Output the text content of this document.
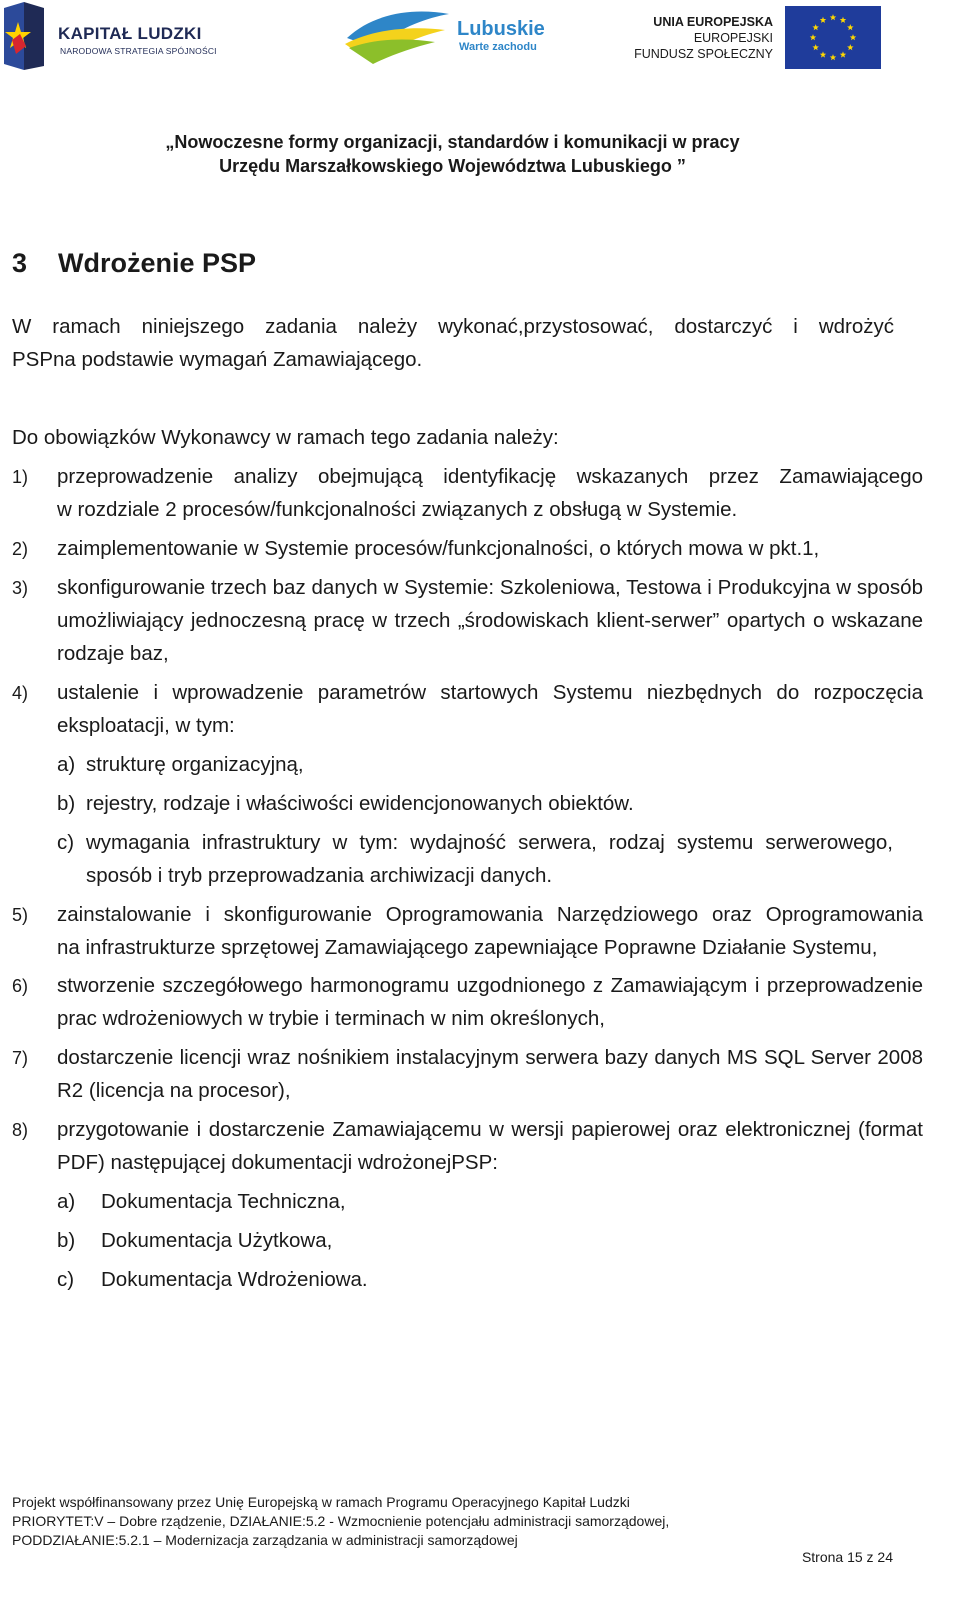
KAPITAŁ LUDZKI
NARODOWA STRATEGIA SPÓJNOŚCI
Lubuskie
Warte zachodu
UNIA EUROPEJSKA
EUROPEJSKI
FUNDUSZ SPOŁECZNY
„Nowoczesne formy organizacji, standardów i komunikacji w pracy
Urzędu Marszałkowskiego Województwa Lubuskiego ”
3 Wdrożenie PSP
W ramach niniejszego zadania należy wykonać,przystosować, dostarczyć i wdrożyć
PSPna podstawie wymagań Zamawiającego.
Do obowiązków Wykonawcy w ramach tego zadania należy:
1) przeprowadzenie analizy obejmującą identyfikację wskazanych przez Zamawiającego
w rozdziale 2 procesów/funkcjonalności związanych z obsługą w Systemie.
2) zaimplementowanie w Systemie procesów/funkcjonalności, o których mowa w pkt.1,
3) skonfigurowanie trzech baz danych w Systemie: Szkoleniowa, Testowa i Produkcyjna w sposób
umożliwiający jednoczesną pracę w trzech „środowiskach klient-serwer” opartych o wskazane
rodzaje baz,
4) ustalenie i wprowadzenie parametrów startowych Systemu niezbędnych do rozpoczęcia
eksploatacji, w tym:
a) strukturę organizacyjną,
b) rejestry, rodzaje i właściwości ewidencjonowanych obiektów.
c) wymagania infrastruktury w tym: wydajność serwera, rodzaj systemu serwerowego,
sposób i tryb przeprowadzania archiwizacji danych.
5) zainstalowanie i skonfigurowanie Oprogramowania Narzędziowego oraz Oprogramowania
na infrastrukturze sprzętowej Zamawiającego zapewniające Poprawne Działanie Systemu,
6) stworzenie szczegółowego harmonogramu uzgodnionego z Zamawiającym i przeprowadzenie
prac wdrożeniowych w trybie i terminach w nim określonych,
7) dostarczenie licencji wraz nośnikiem instalacyjnym serwera bazy danych MS SQL Server 2008
R2 (licencja na procesor),
8) przygotowanie i dostarczenie Zamawiającemu w wersji papierowej oraz elektronicznej (format
PDF) następującej dokumentacji wdrożonejPSP:
a) Dokumentacja Techniczna,
b) Dokumentacja Użytkowa,
c) Dokumentacja Wdrożeniowa.
Projekt współfinansowany przez Unię Europejską w ramach Programu Operacyjnego Kapitał Ludzki
PRIORYTET:V – Dobre rządzenie, DZIAŁANIE:5.2 - Wzmocnienie potencjału administracji samorządowej,
PODDZIAŁANIE:5.2.1 – Modernizacja zarządzania w administracji samorządowej
Strona 15 z 24
